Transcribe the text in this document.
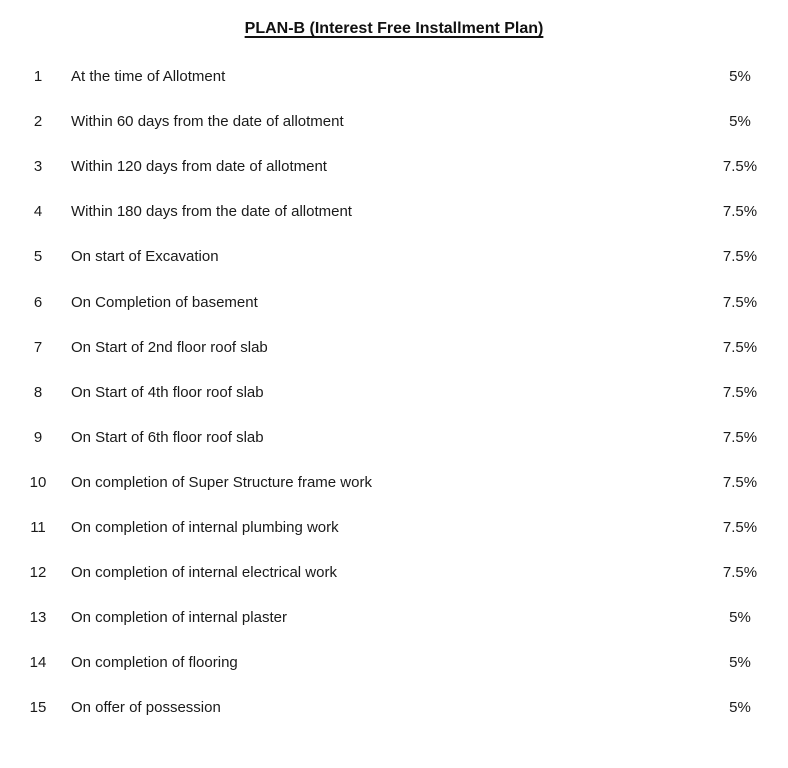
PLAN-B (Interest Free Installment Plan)
1	At the time of Allotment	5%
2	Within 60 days from the date of allotment	5%
3	Within 120 days from date of allotment	7.5%
4	Within 180 days from the date of allotment	7.5%
5	On start of Excavation	7.5%
6	On Completion of basement	7.5%
7	On Start of 2nd floor roof slab	7.5%
8	On Start of 4th floor roof slab	7.5%
9	On Start of 6th floor roof slab	7.5%
10	On completion of Super Structure frame work	7.5%
11	On completion of internal plumbing work	7.5%
12	On completion of internal electrical work	7.5%
13	On completion of internal plaster	5%
14	On completion of flooring	5%
15	On offer of possession	5%
